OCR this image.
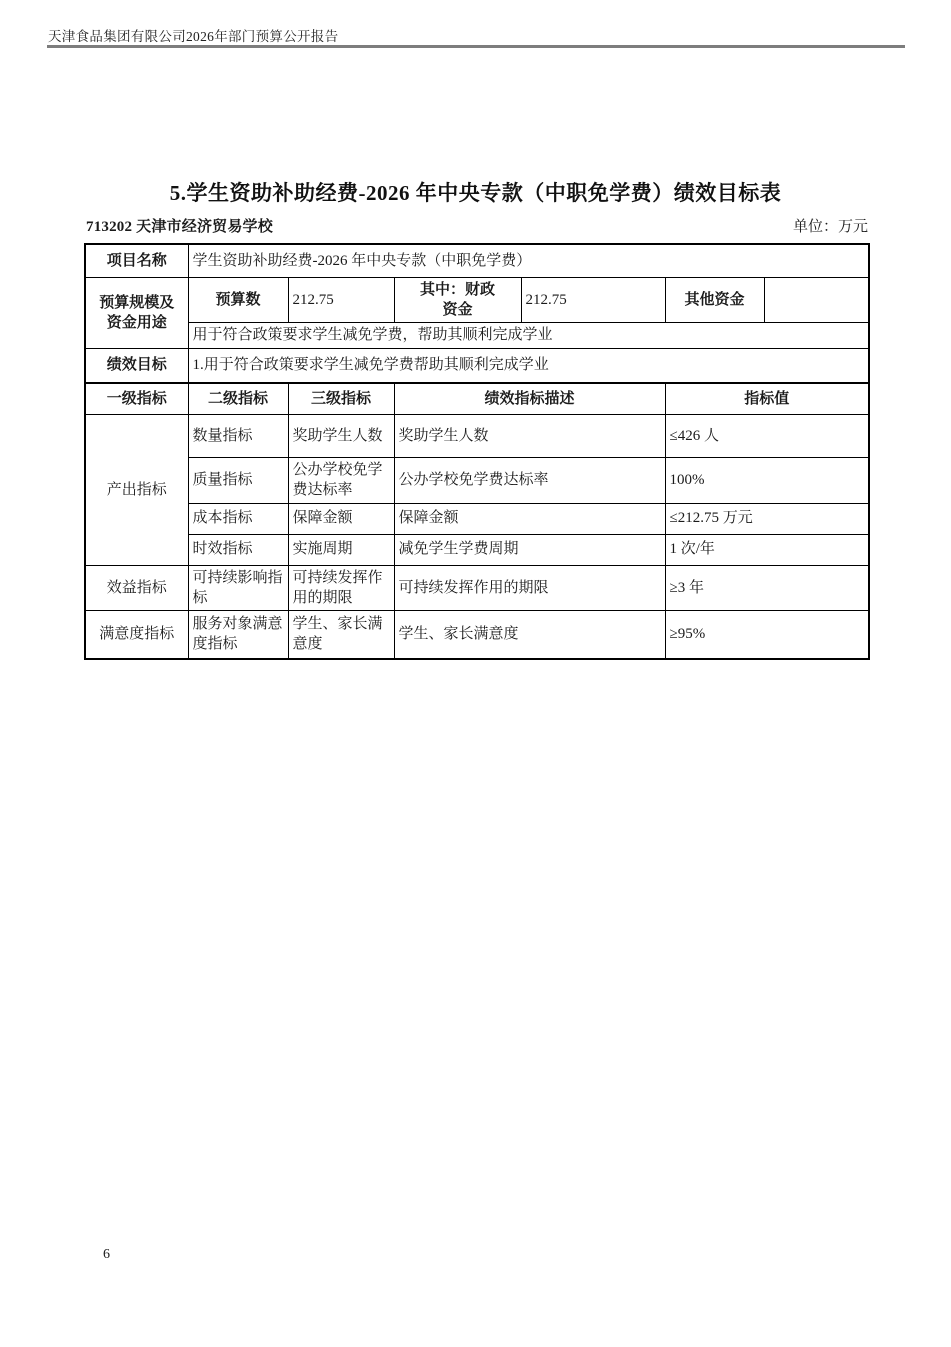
天津食品集团有限公司2026年部门预算公开报告
5.学生资助补助经费-2026 年中央专款（中职免学费）绩效目标表
713202 天津市经济贸易学校	单位：万元
项目名称	学生资助补助经费-2026 年中央专款（中职免学费）					
预算规模及资金用途	预算数	212.75	其中：财政资金	212.75	其他资金	
	用于符合政策要求学生减免学费，帮助其顺利完成学业					
绩效目标	1.用于符合政策要求学生减免学费帮助其顺利完成学业					
一级指标	二级指标	三级指标	绩效指标描述		指标值	
产出指标	数量指标	奖助学生人数	奖助学生人数		≤426 人	
	质量指标	公办学校免学费达标率	公办学校免学费达标率		100%	
	成本指标	保障金额	保障金额		≤212.75 万元	
	时效指标	实施周期	减免学生学费周期		1 次/年	
效益指标	可持续影响指标	可持续发挥作用的期限	可持续发挥作用的期限		≥3 年	
满意度指标	服务对象满意度指标	学生、家长满意度	学生、家长满意度		≥95%	
6
